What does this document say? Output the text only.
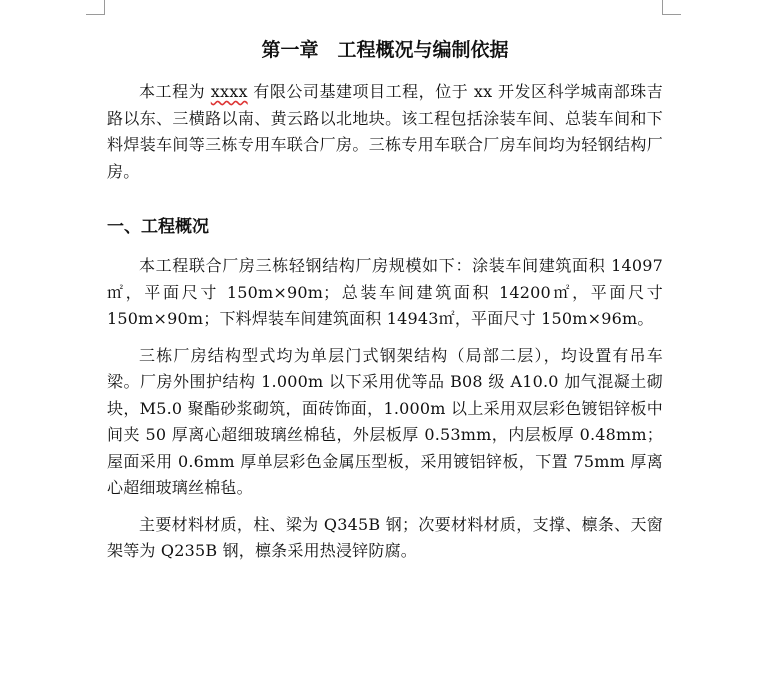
第一章　工程概况与编制依据

本工程为 xxxx 有限公司基建项目工程，位于 xx 开发区科学城南部珠吉路以东、三横路以南、黄云路以北地块。该工程包括涂装车间、总装车间和下料焊装车间等三栋专用车联合厂房。三栋专用车联合厂房车间均为轻钢结构厂房。

一、工程概况

本工程联合厂房三栋轻钢结构厂房规模如下：涂装车间建筑面积 14097㎡，平面尺寸 150m×90m；总装车间建筑面积 14200㎡，平面尺寸 150m×90m；下料焊装车间建筑面积 14943㎡，平面尺寸 150m×96m。

三栋厂房结构型式均为单层门式钢架结构（局部二层），均设置有吊车梁。厂房外围护结构 1.000m 以下采用优等品 B08 级 A10.0 加气混凝土砌块，M5.0 聚酯砂浆砌筑，面砖饰面，1.000m 以上采用双层彩色镀铝锌板中间夹 50 厚离心超细玻璃丝棉毡，外层板厚 0.53mm，内层板厚 0.48mm；屋面采用 0.6mm 厚单层彩色金属压型板，采用镀铝锌板，下置 75mm 厚离心超细玻璃丝棉毡。

主要材料材质，柱、梁为 Q345B 钢；次要材料材质，支撑、檩条、天窗架等为 Q235B 钢，檩条采用热浸锌防腐。
